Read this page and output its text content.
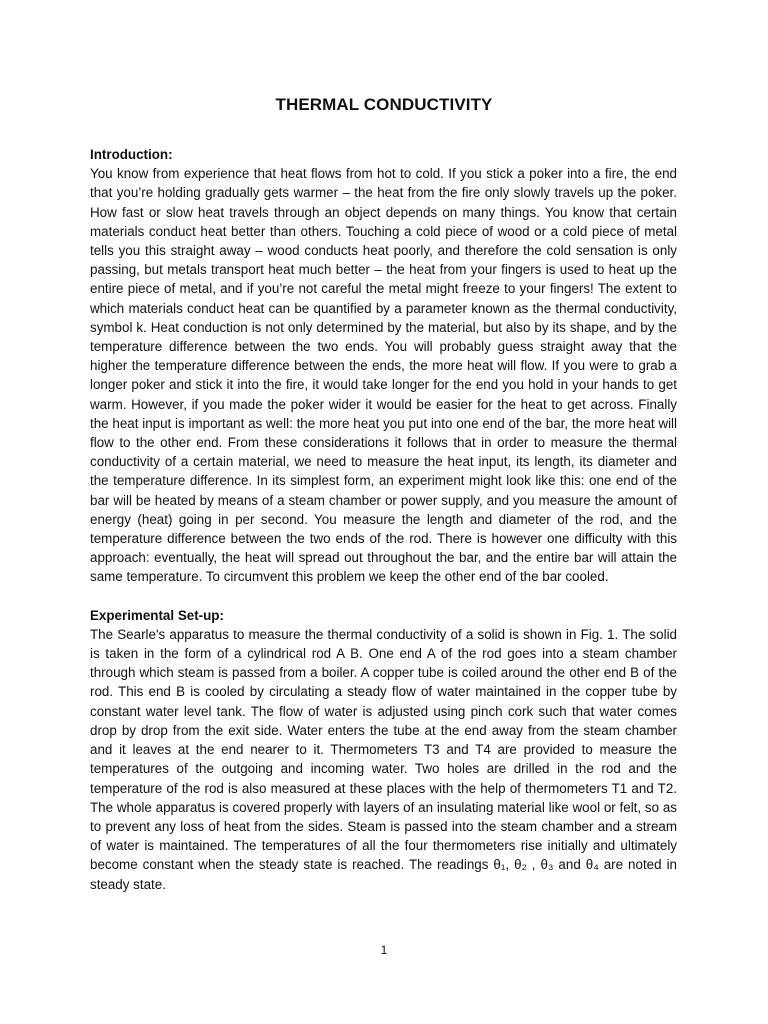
THERMAL CONDUCTIVITY

Introduction:

You know from experience that heat flows from hot to cold. If you stick a poker into a fire, the end that you’re holding gradually gets warmer – the heat from the fire only slowly travels up the poker. How fast or slow heat travels through an object depends on many things. You know that certain materials conduct heat better than others. Touching a cold piece of wood or a cold piece of metal tells you this straight away – wood conducts heat poorly, and therefore the cold sensation is only passing, but metals transport heat much better – the heat from your fingers is used to heat up the entire piece of metal, and if you’re not careful the metal might freeze to your fingers! The extent to which materials conduct heat can be quantified by a parameter known as the thermal conductivity, symbol k. Heat conduction is not only determined by the material, but also by its shape, and by the temperature difference between the two ends. You will probably guess straight away that the higher the temperature difference between the ends, the more heat will flow. If you were to grab a longer poker and stick it into the fire, it would take longer for the end you hold in your hands to get warm. However, if you made the poker wider it would be easier for the heat to get across. Finally the heat input is important as well: the more heat you put into one end of the bar, the more heat will flow to the other end. From these considerations it follows that in order to measure the thermal conductivity of a certain material, we need to measure the heat input, its length, its diameter and the temperature difference. In its simplest form, an experiment might look like this: one end of the bar will be heated by means of a steam chamber or power supply, and you measure the amount of energy (heat) going in per second. You measure the length and diameter of the rod, and the temperature difference between the two ends of the rod. There is however one difficulty with this approach: eventually, the heat will spread out throughout the bar, and the entire bar will attain the same temperature. To circumvent this problem we keep the other end of the bar cooled.

Experimental Set-up:

The Searle's apparatus to measure the thermal conductivity of a solid is shown in Fig. 1. The solid is taken in the form of a cylindrical rod A B. One end A of the rod goes into a steam chamber through which steam is passed from a boiler. A copper tube is coiled around the other end B of the rod. This end B is cooled by circulating a steady flow of water maintained in the copper tube by constant water level tank. The flow of water is adjusted using pinch cork such that water comes drop by drop from the exit side. Water enters the tube at the end away from the steam chamber and it leaves at the end nearer to it. Thermometers T3 and T4 are provided to measure the temperatures of the outgoing and incoming water. Two holes are drilled in the rod and the temperature of the rod is also measured at these places with the help of thermometers T1 and T2. The whole apparatus is covered properly with layers of an insulating material like wool or felt, so as to prevent any loss of heat from the sides. Steam is passed into the steam chamber and a stream of water is maintained. The temperatures of all the four thermometers rise initially and ultimately become constant when the steady state is reached. The readings θ₁, θ₂ , θ₃ and θ₄ are noted in steady state.

1
